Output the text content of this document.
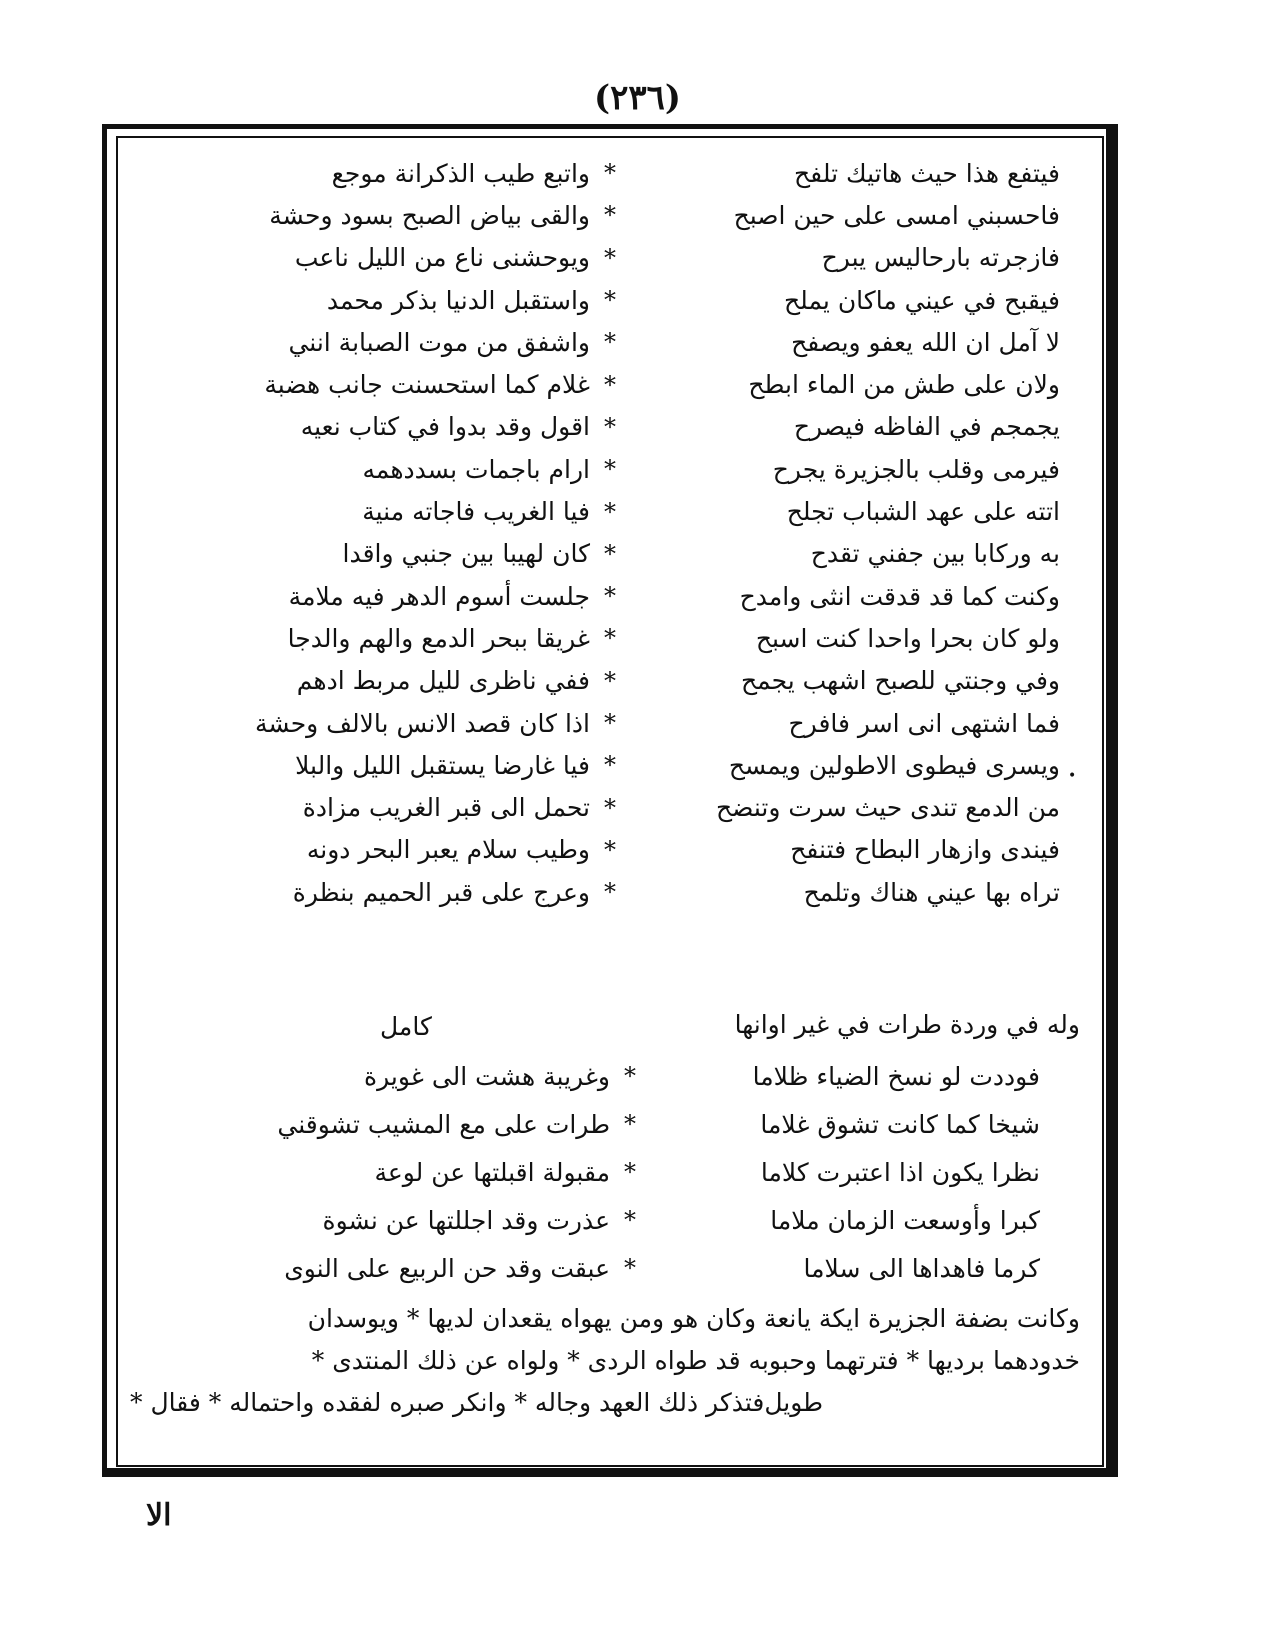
(٢٣٦)
واتبع طيب الذكرانة موجع *	فيتفع هذا حيث هاتيك تلفح
والقى بياض الصبح بسود وحشة *	فاحسبني امسى على حين اصبح
ويوحشنى ناع من الليل ناعب *	فازجرته بارحاليس يبرح
واستقبل الدنيا بذكر محمد *	فيقبح في عيني ماكان يملح
واشفق من موت الصبابة انني *	لا آمل ان الله يعفو ويصفح
غلام كما استحسنت جانب هضبة *	ولان على طش من الماء ابطح
اقول وقد بدوا في كتاب نعيه *	يجمجم في الفاظه فيصرح
ارام باجمات بسددهمه *	فيرمى وقلب بالجزيرة يجرح
فيا الغريب فاجاته منية *	اتته على عهد الشباب تجلح
كان لهيبا بين جنبي واقدا *	به وركابا بين جفني تقدح
جلست أسوم الدهر فيه ملامة *	وكنت كما قد قدقت انثى وامدح
غريقا ببحر الدمع والهم والدجا *	ولو كان بحرا واحدا كنت اسبح
ففي ناظرى لليل مربط ادهم *	وفي وجنتي للصبح اشهب يجمح
اذا كان قصد الانس بالالف وحشة *	فما اشتهى انى اسر فافرح
فيا غارضا يستقبل الليل والبلا *	ويسرى فيطوى الاطولين ويمسح
تحمل الى قبر الغريب مزادة *	من الدمع تندى حيث سرت وتنضح
وطيب سلام يعبر البحر دونه *	فيندى وازهار البطاح فتنفح
وعرج على قبر الحميم بنظرة *	تراه بها عيني هناك وتلمح
•
وله في وردة طرات في غير اوانها
كامل
وغريبة هشت الى غويرة *	فوددت لو نسخ الضياء ظلاما
طرات على مع المشيب تشوقني *	شيخا كما كانت تشوق غلاما
مقبولة اقبلتها عن لوعة *	نظرا يكون اذا اعتبرت كلاما
عذرت وقد اجللتها عن نشوة *	كبرا وأوسعت الزمان ملاما
عبقت وقد حن الربيع على النوى *	كرما فاهداها الى سلاما
وكانت بضفة الجزيرة ايكة يانعة وكان هو ومن يهواه يقعدان لديها * ويوسدان
خدودهما برديها * فترتهما وحبوبه قد طواه الردى * ولواه عن ذلك المنتدى *
فتذكر ذلك العهد وجاله * وانكر صبره لفقده واحتماله * فقال * طويل
الا
